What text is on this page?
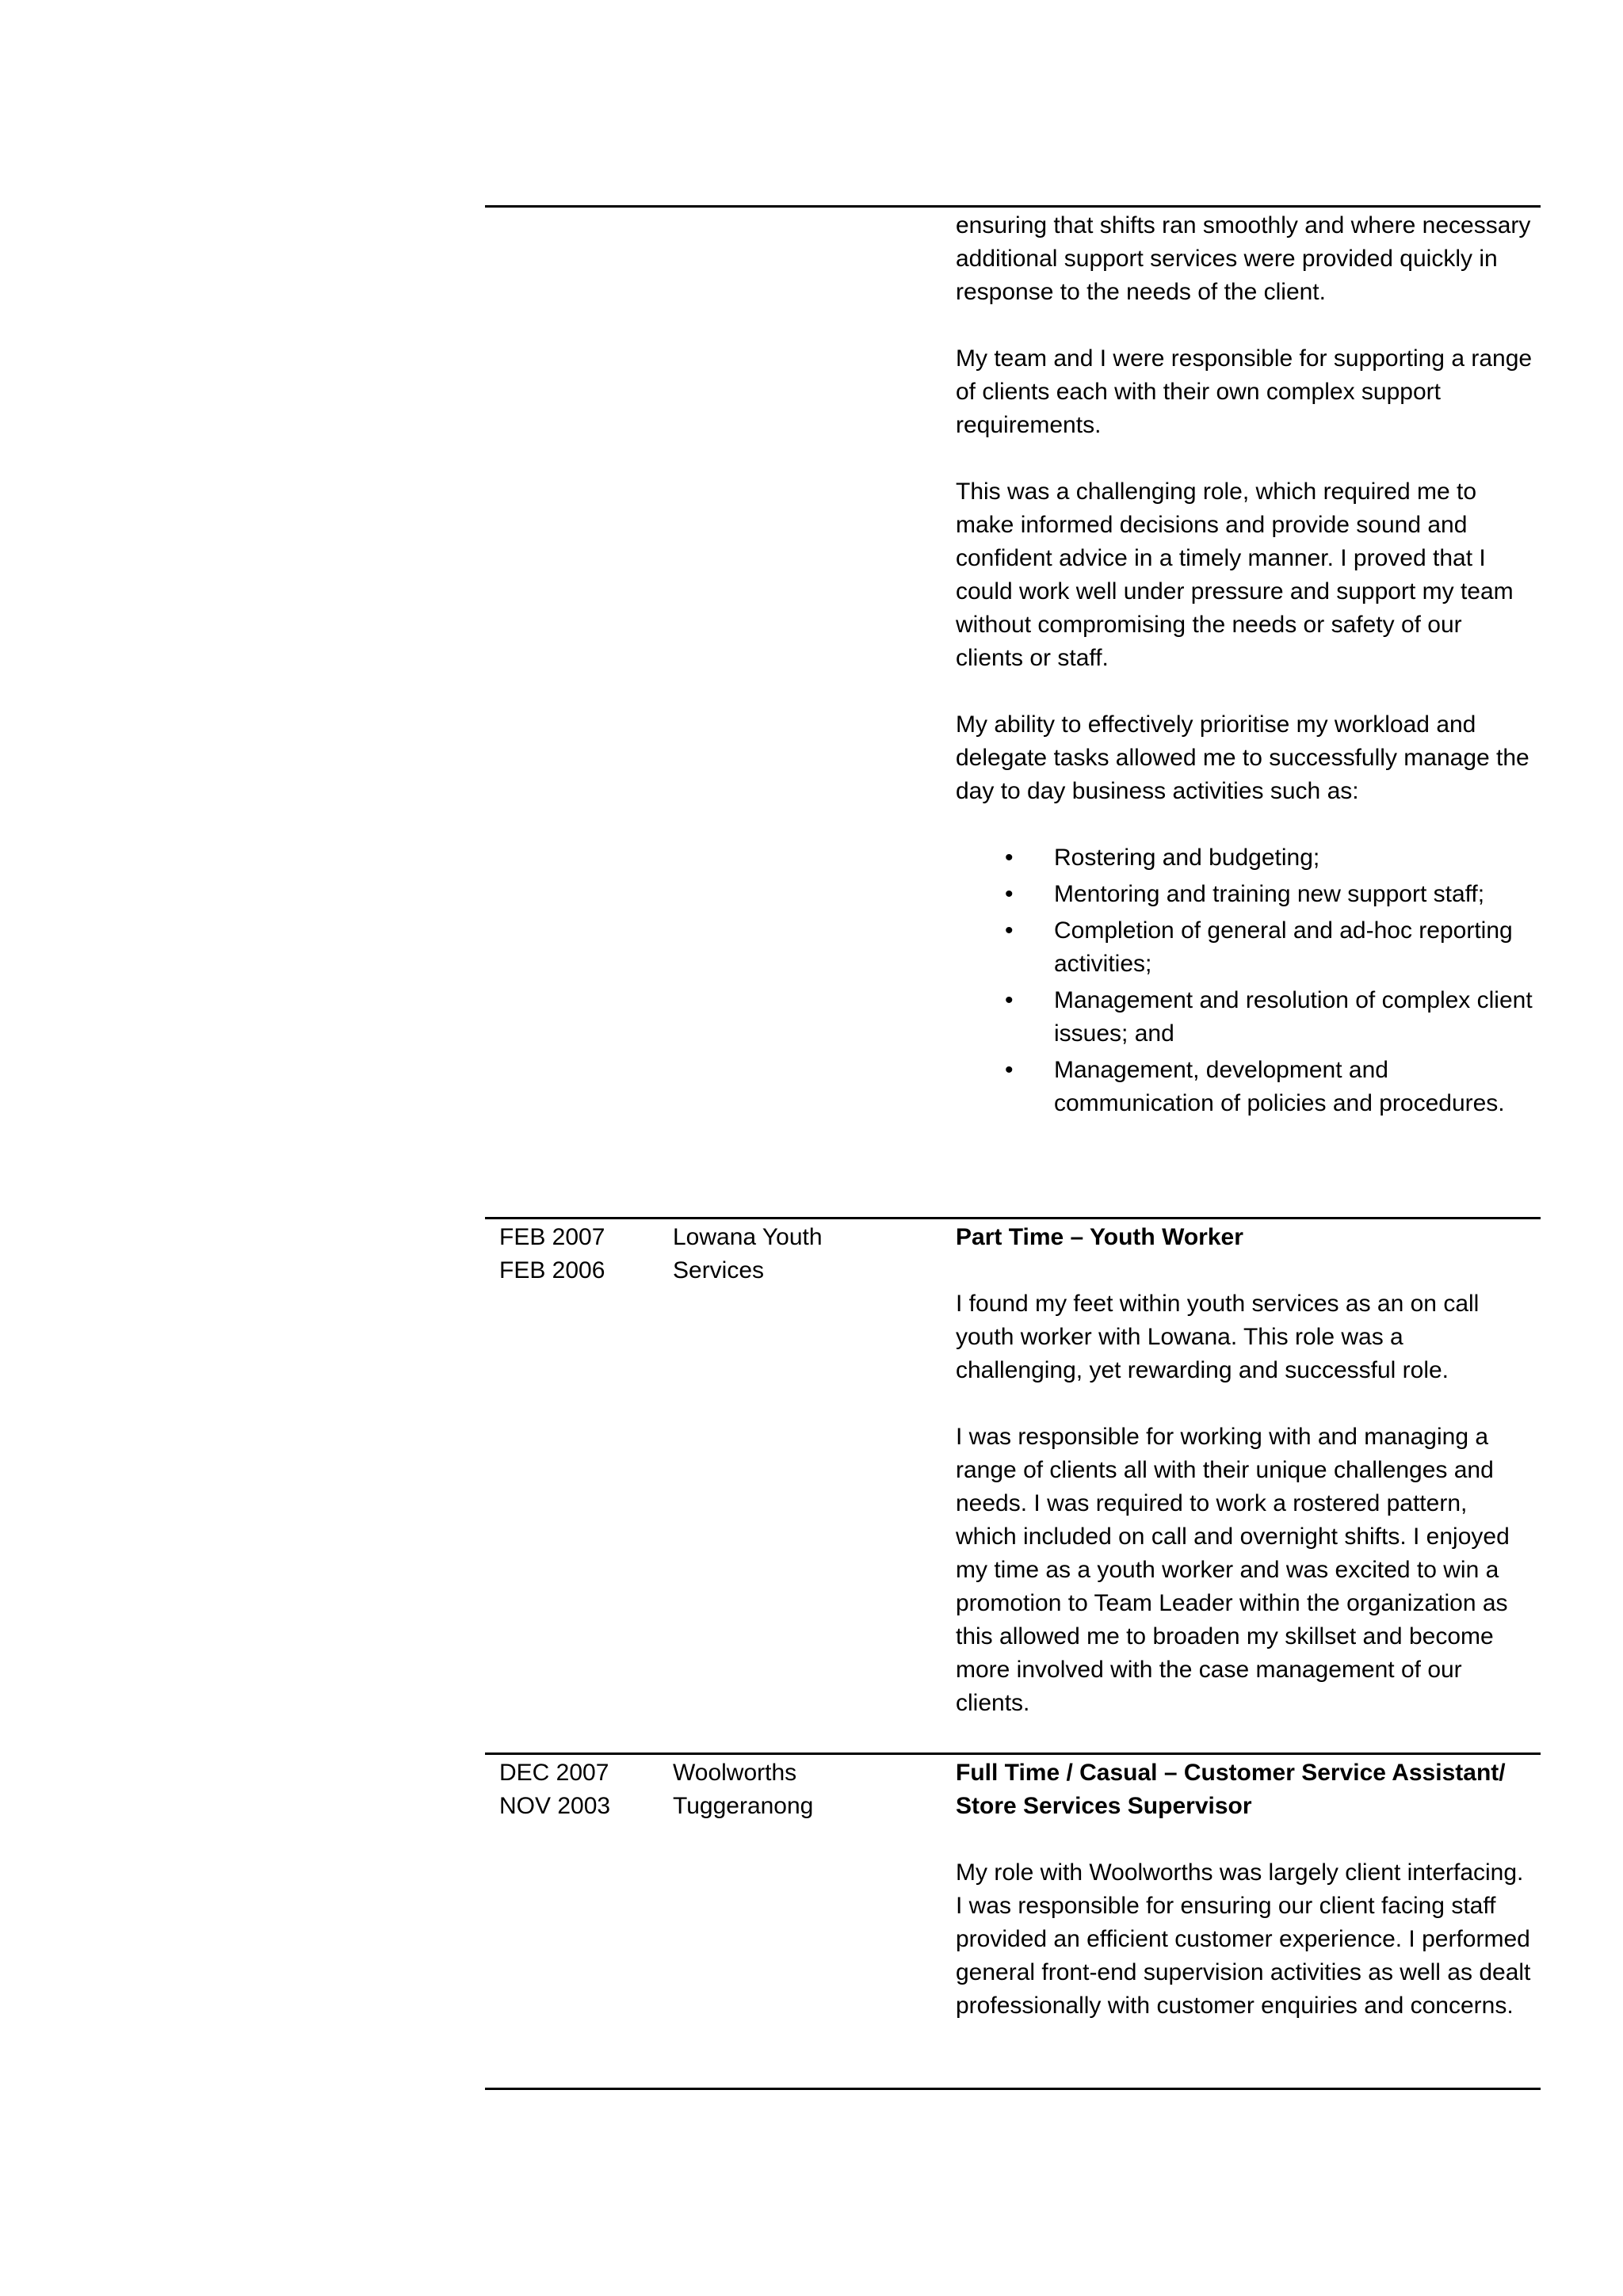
ensuring that shifts ran smoothly and where necessary additional support services were provided quickly in response to the needs of the client.

My team and I were responsible for supporting a range of clients each with their own complex support requirements.

This was a challenging role, which required me to make informed decisions and provide sound and confident advice in a timely manner. I proved that I could work well under pressure and support my team without compromising the needs or safety of our clients or staff.

My ability to effectively prioritise my workload and delegate tasks allowed me to successfully manage the day to day business activities such as:

• Rostering and budgeting;
• Mentoring and training new support staff;
• Completion of general and ad-hoc reporting activities;
• Management and resolution of complex client issues; and
• Management, development and communication of policies and procedures.
FEB 2007
FEB 2006
Lowana Youth
Services

Part Time – Youth Worker

I found my feet within youth services as an on call youth worker with Lowana. This role was a challenging, yet rewarding and successful role.

I was responsible for working with and managing a range of clients all with their unique challenges and needs. I was required to work a rostered pattern, which included on call and overnight shifts. I enjoyed my time as a youth worker and was excited to win a promotion to Team Leader within the organization as this allowed me to broaden my skillset and become more involved with the case management of our clients.

DEC 2007
NOV 2003
Woolworths
Tuggeranong

Full Time / Casual – Customer Service Assistant/ Store Services Supervisor

My role with Woolworths was largely client interfacing. I was responsible for ensuring our client facing staff provided an efficient customer experience. I performed general front-end supervision activities as well as dealt professionally with customer enquiries and concerns.
